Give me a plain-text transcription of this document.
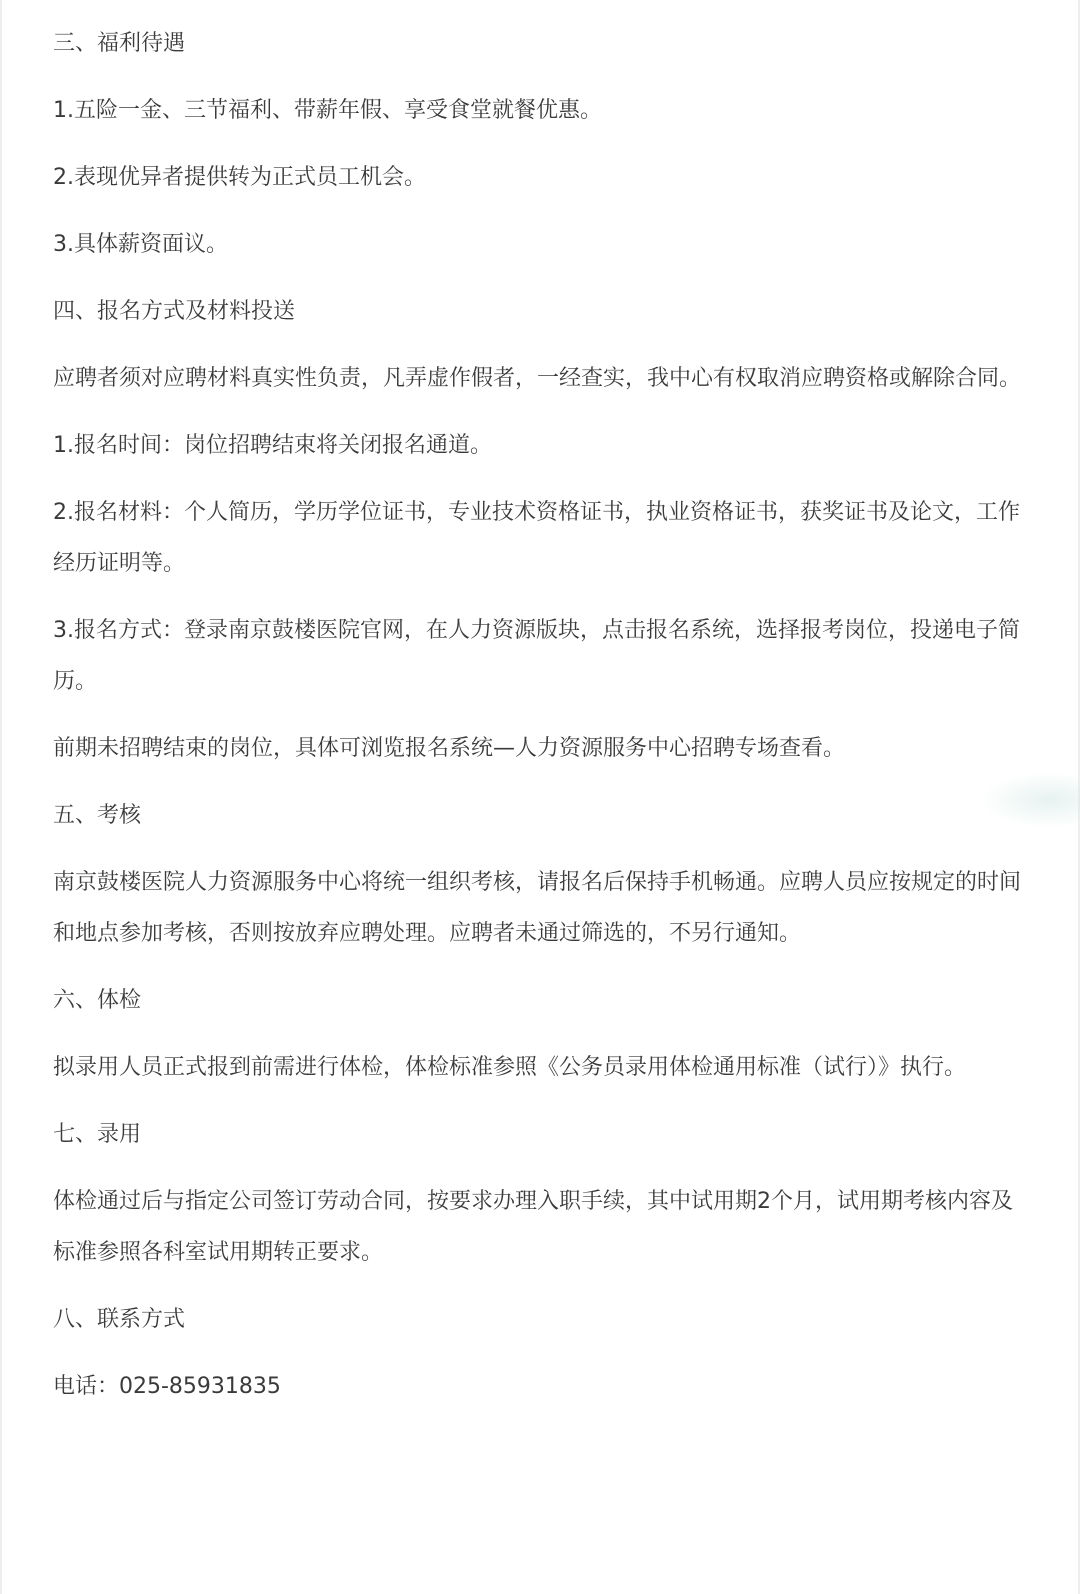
三、福利待遇

1.五险一金、三节福利、带薪年假、享受食堂就餐优惠。

2.表现优异者提供转为正式员工机会。

3.具体薪资面议。

四、报名方式及材料投送

应聘者须对应聘材料真实性负责，凡弄虚作假者，一经查实，我中心有权取消应聘资格或解除合同。

1.报名时间：岗位招聘结束将关闭报名通道。

2.报名材料：个人简历，学历学位证书，专业技术资格证书，执业资格证书，获奖证书及论文，工作经历证明等。

3.报名方式：登录南京鼓楼医院官网，在人力资源版块，点击报名系统，选择报考岗位，投递电子简历。

前期未招聘结束的岗位，具体可浏览报名系统—人力资源服务中心招聘专场查看。

五、考核

南京鼓楼医院人力资源服务中心将统一组织考核，请报名后保持手机畅通。应聘人员应按规定的时间和地点参加考核，否则按放弃应聘处理。应聘者未通过筛选的，不另行通知。

六、体检

拟录用人员正式报到前需进行体检，体检标准参照《公务员录用体检通用标准（试行）》执行。

七、录用

体检通过后与指定公司签订劳动合同，按要求办理入职手续，其中试用期2个月，试用期考核内容及标准参照各科室试用期转正要求。

八、联系方式

电话：025-85931835
